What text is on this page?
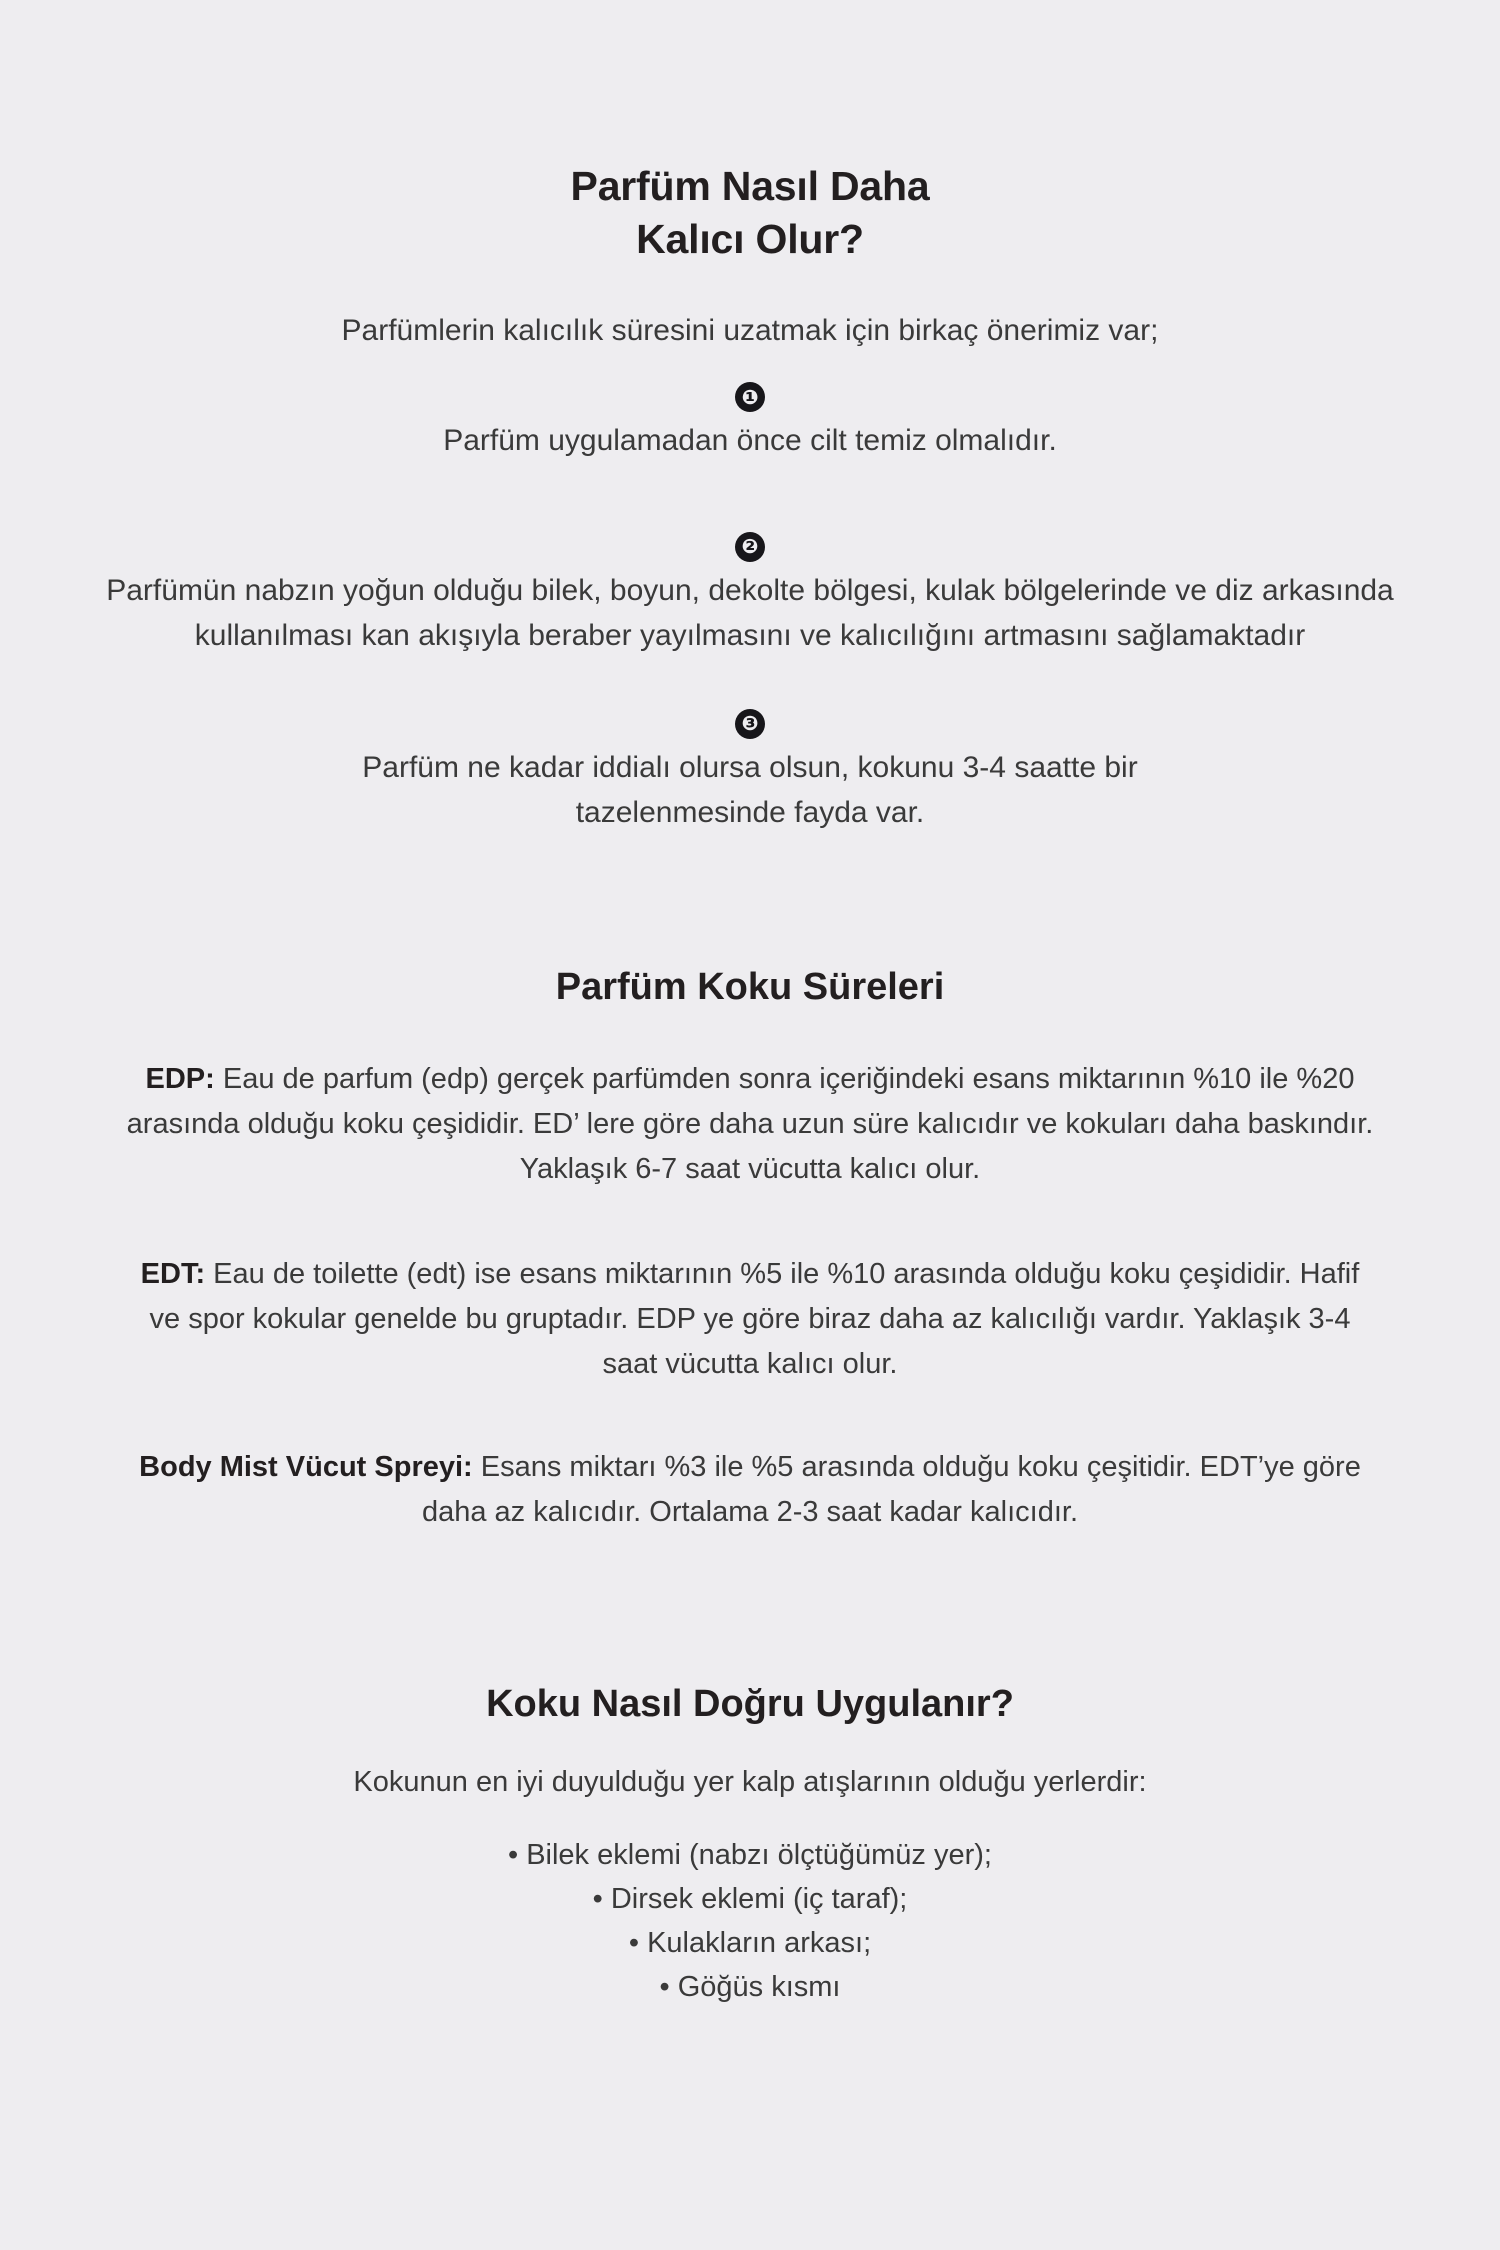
Parfüm Nasıl Daha
Kalıcı Olur?

Parfümlerin kalıcılık süresini uzatmak için birkaç önerimiz var;

❶

Parfüm uygulamadan önce cilt temiz olmalıdır.

❷

Parfümün nabzın yoğun olduğu bilek, boyun, dekolte bölgesi, kulak bölgelerinde ve diz arkasında kullanılması kan akışıyla beraber yayılmasını ve kalıcılığını artmasını sağlamaktadır

❸

Parfüm ne kadar iddialı olursa olsun, kokunu 3-4 saatte bir tazelenmesinde fayda var.

Parfüm Koku Süreleri

EDP: Eau de parfum (edp) gerçek parfümden sonra içeriğindeki esans miktarının %10 ile %20 arasında olduğu koku çeşididir. ED’ lere göre daha uzun süre kalıcıdır ve kokuları daha baskındır. Yaklaşık 6-7 saat vücutta kalıcı olur.

EDT: Eau de toilette (edt) ise esans miktarının %5 ile %10 arasında olduğu koku çeşididir. Hafif ve spor kokular genelde bu gruptadır. EDP ye göre biraz daha az kalıcılığı vardır. Yaklaşık 3-4 saat vücutta kalıcı olur.

Body Mist Vücut Spreyi: Esans miktarı %3 ile %5 arasında olduğu koku çeşitidir. EDT’ye göre daha az kalıcıdır. Ortalama 2-3 saat kadar kalıcıdır.

Koku Nasıl Doğru Uygulanır?

Kokunun en iyi duyulduğu yer kalp atışlarının olduğu yerlerdir:

• Bilek eklemi (nabzı ölçtüğümüz yer);
• Dirsek eklemi (iç taraf);
• Kulakların arkası;
• Göğüs kısmı
